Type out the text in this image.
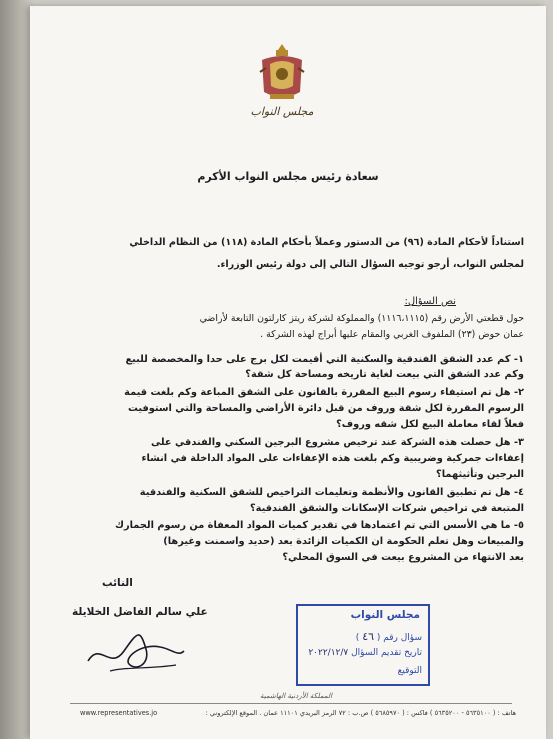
مجلس النواب
سعادة رئيس مجلس النواب الأكرم
استناداً لأحكام المادة (٩٦) من الدستور وعملاً بأحكام المادة (١١٨) من النظام الداخلي
لمجلس النواب، أرجو توجيه السؤال التالي إلى دولة رئيس الوزراء.
نص السؤال:
حول قطعتي الأرض رقم (١١١٦،١١١٥) والمملوكة لشركة ريتز كارلتون التابعة لأراضي
عمان حوض (٢٣) الملفوف الغربي والمقام عليها أبراج لهذه الشركة .
١- كم عدد الشقق الفندقية والسكنية التي أقيمت لكل برج على حدا والمخصصة للبيع
وكم عدد الشقق التي بيعت لغاية تاريخه ومساحة كل شقة؟
٢- هل تم استيفاء رسوم البيع المقررة بالقانون على الشقق المباعة وكم بلغت قيمة
الرسوم المقررة لكل شقة وروف من قبل دائرة الأراضي والمساحة والتي استوفيت
فعلاً لقاء معاملة البيع لكل شقه وروف؟
٣- هل حصلت هذه الشركة عند ترخيص مشروع البرجين السكني والفندقي على
إعفاءات جمركية وضريبية وكم بلغت هذه الإعفاءات على المواد الداخلة في انشاء
البرجين وتأثيثهما؟
٤- هل تم تطبيق القانون والأنظمة وتعليمات التراخيص للشقق السكنية والفندقية
المتبعة في تراخيص شركات الإسكانات والشقق الفندقية؟
٥- ما هي الأسس التي تم اعتمادها في تقدير كميات المواد المعفاة من رسوم الجمارك
والمبيعات وهل تعلم الحكومة ان الكميات الزائدة بعد (حديد واسمنت وغيرها)
بعد الانتهاء من المشروع بيعت في السوق المحلي؟
النائب
علي سالم الفاضل الخلايلة	مجلس النواب
سؤال رقم ( ٤٦ )
تاريخ تقديم السؤال ٢٠٢٢/١٢/٧
التوقيع
المملكة الأردنية الهاشمية
هاتف : ( ٥٦٣٥١٠٠ - ٥٦٣٥٢٠٠ ) فاكس : ( ٥٦٨٥٩٧٠ ) ص.ب : ٧٢ الرمز البريدي ١١١٠١ عمان . الموقع الإلكتروني :
www.representatives.jo
